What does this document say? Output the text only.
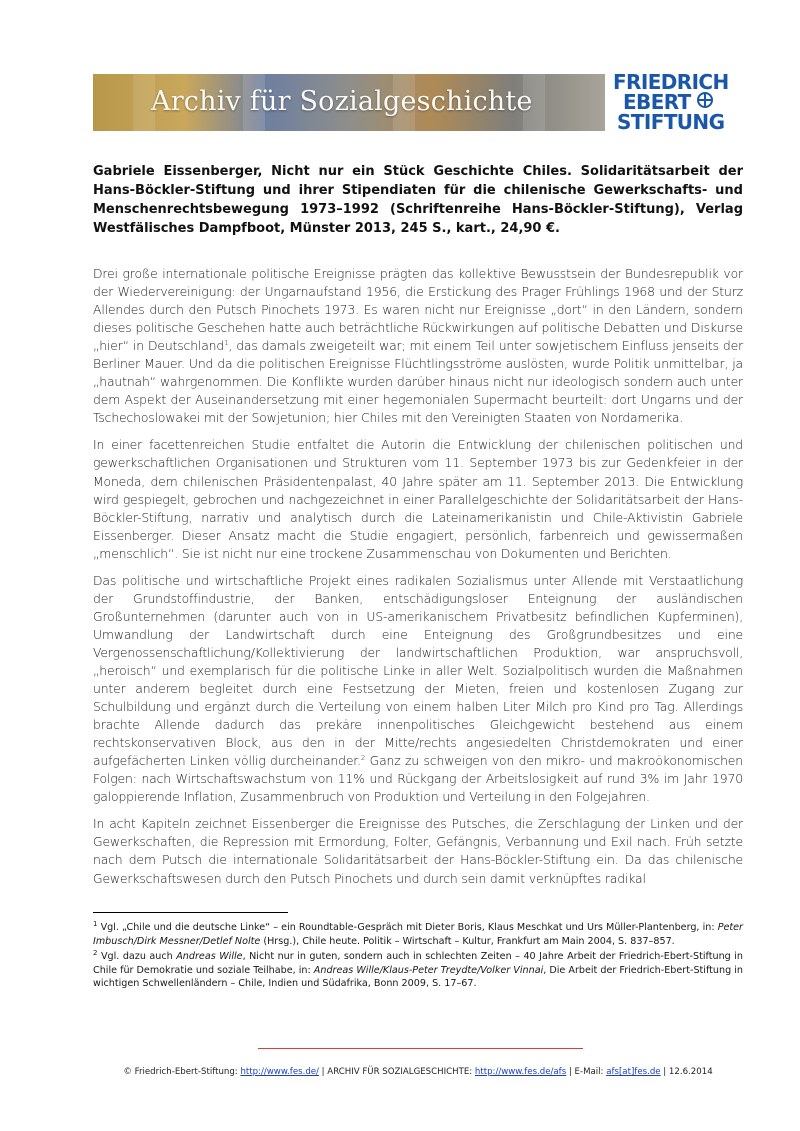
Archiv für Sozialgeschichte
FRIEDRICH
EBERT
STIFTUNG

Gabriele Eissenberger, Nicht nur ein Stück Geschichte Chiles. Solidaritätsarbeit der Hans-Böckler-Stiftung und ihrer Stipendiaten für die chilenische Gewerkschafts- und Menschenrechtsbewegung 1973–1992 (Schriftenreihe Hans-Böckler-Stiftung), Verlag Westfälisches Dampfboot, Münster 2013, 245 S., kart., 24,90 €.

Drei große internationale politische Ereignisse prägten das kollektive Bewusstsein der Bundesrepublik vor der Wiedervereinigung: der Ungarnaufstand 1956, die Erstickung des Prager Frühlings 1968 und der Sturz Allendes durch den Putsch Pinochets 1973. Es waren nicht nur Ereignisse „dort“ in den Ländern, sondern dieses politische Geschehen hatte auch beträchtliche Rückwirkungen auf politische Debatten und Diskurse „hier“ in Deutschland$^1$, das damals zweigeteilt war; mit einem Teil unter sowjetischem Einfluss jenseits der Berliner Mauer. Und da die politischen Ereignisse Flüchtlingsströme auslösten, wurde Politik unmittelbar, ja „hautnah“ wahrgenommen. Die Konflikte wurden darüber hinaus nicht nur ideologisch sondern auch unter dem Aspekt der Auseinandersetzung mit einer hegemonialen Supermacht beurteilt: dort Ungarns und der Tschechoslowakei mit der Sowjetunion; hier Chiles mit den Vereinigten Staaten von Nordamerika.

In einer facettenreichen Studie entfaltet die Autorin die Entwicklung der chilenischen politischen und gewerkschaftlichen Organisationen und Strukturen vom 11. September 1973 bis zur Gedenkfeier in der Moneda, dem chilenischen Präsidentenpalast, 40 Jahre später am 11. September 2013. Die Entwicklung wird gespiegelt, gebrochen und nachgezeichnet in einer Parallelgeschichte der Solidaritätsarbeit der Hans-Böckler-Stiftung, narrativ und analytisch durch die Lateinamerikanistin und Chile-Aktivistin Gabriele Eissenberger. Dieser Ansatz macht die Studie engagiert, persönlich, farbenreich und gewissermaßen „menschlich“. Sie ist nicht nur eine trockene Zusammenschau von Dokumenten und Berichten.

Das politische und wirtschaftliche Projekt eines radikalen Sozialismus unter Allende mit Verstaatlichung der Grundstoffindustrie, der Banken, entschädigungsloser Enteignung der ausländischen Großunternehmen (darunter auch von in US-amerikanischem Privatbesitz befindlichen Kupferminen), Umwandlung der Landwirtschaft durch eine Enteignung des Großgrundbesitzes und eine Vergenossenschaftlichung/Kollektivierung der landwirtschaftlichen Produktion, war anspruchsvoll, „heroisch“ und exemplarisch für die politische Linke in aller Welt. Sozialpolitisch wurden die Maßnahmen unter anderem begleitet durch eine Festsetzung der Mieten, freien und kostenlosen Zugang zur Schulbildung und ergänzt durch die Verteilung von einem halben Liter Milch pro Kind pro Tag. Allerdings brachte Allende dadurch das prekäre innenpolitisches Gleichgewicht bestehend aus einem rechtskonservativen Block, aus den in der Mitte/rechts angesiedelten Christdemokraten und einer aufgefächerten Linken völlig durcheinander.$^2$ Ganz zu schweigen von den mikro- und makroökonomischen Folgen: nach Wirtschaftswachstum von 11% und Rückgang der Arbeitslosigkeit auf rund 3% im Jahr 1970 galoppierende Inflation, Zusammenbruch von Produktion und Verteilung in den Folgejahren.

In acht Kapiteln zeichnet Eissenberger die Ereignisse des Putsches, die Zerschlagung der Linken und der Gewerkschaften, die Repression mit Ermordung, Folter, Gefängnis, Verbannung und Exil nach. Früh setzte nach dem Putsch die internationale Solidaritätsarbeit der Hans-Böckler-Stiftung ein. Da das chilenische Gewerkschaftswesen durch den Putsch Pinochets und durch sein damit verknüpftes radikal

$^1$ Vgl. „Chile und die deutsche Linke“ – ein Roundtable-Gespräch mit Dieter Boris, Klaus Meschkat und Urs Müller-Plantenberg, in: Peter Imbusch/Dirk Messner/Detlef Nolte (Hrsg.), Chile heute. Politik – Wirtschaft – Kultur, Frankfurt am Main 2004, S. 837–857.

$^2$ Vgl. dazu auch Andreas Wille, Nicht nur in guten, sondern auch in schlechten Zeiten – 40 Jahre Arbeit der Friedrich-Ebert-Stiftung in Chile für Demokratie und soziale Teilhabe, in: Andreas Wille/Klaus-Peter Treydte/Volker Vinnai, Die Arbeit der Friedrich-Ebert-Stiftung in wichtigen Schwellenländern – Chile, Indien und Südafrika, Bonn 2009, S. 17–67.

© Friedrich-Ebert-Stiftung: http://www.fes.de/ | ARCHIV FÜR SOZIALGESCHICHTE: http://www.fes.de/afs | E-Mail: afs[at]fes.de | 12.6.2014
